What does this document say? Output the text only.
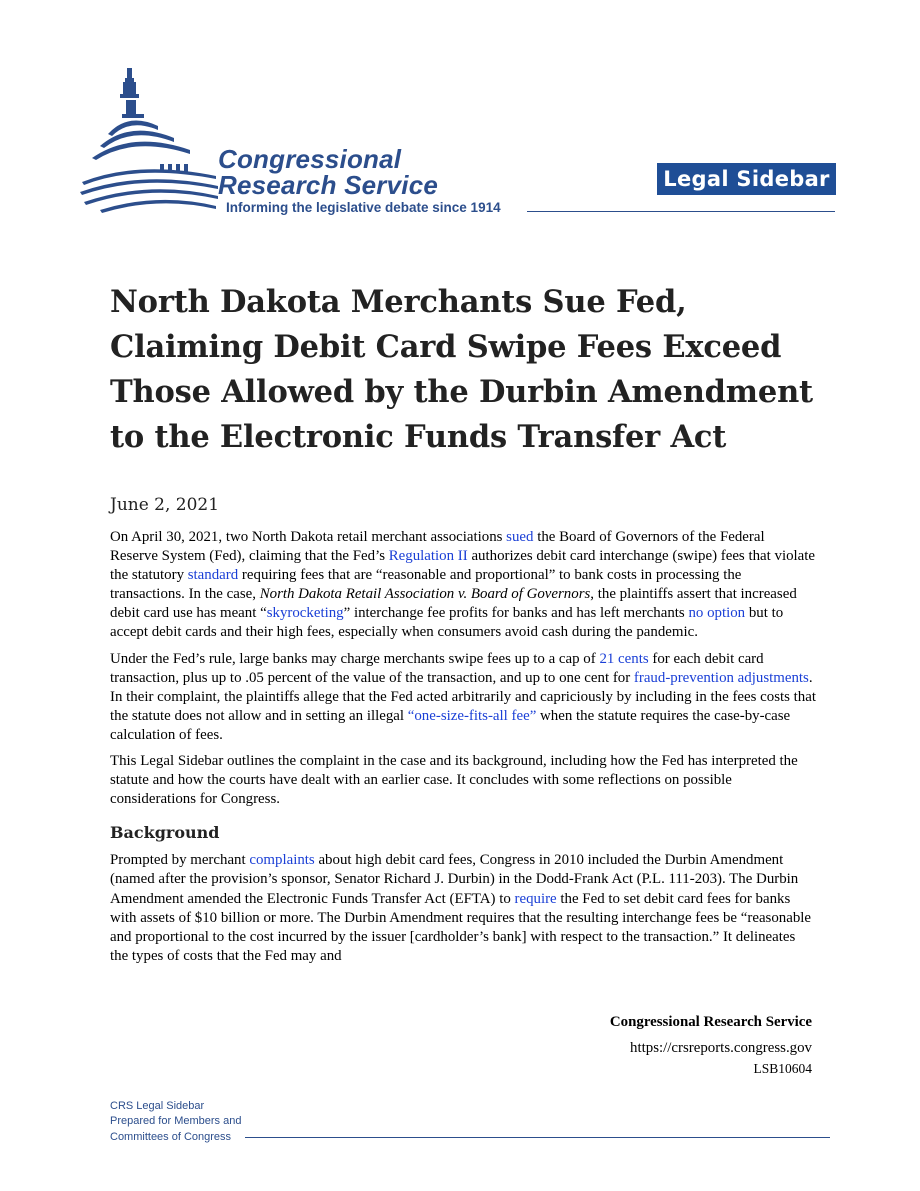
Congressional
Research Service
Informing the legislative debate since 1914
Legal Sidebar
North Dakota Merchants Sue Fed, Claiming Debit Card Swipe Fees Exceed Those Allowed by the Durbin Amendment to the Electronic Funds Transfer Act
June 2, 2021

On April 30, 2021, two North Dakota retail merchant associations sued the Board of Governors of the Federal Reserve System (Fed), claiming that the Fed’s Regulation II authorizes debit card interchange (swipe) fees that violate the statutory standard requiring fees that are “reasonable and proportional” to bank costs in processing the transactions. In the case, North Dakota Retail Association v. Board of Governors, the plaintiffs assert that increased debit card use has meant “skyrocketing” interchange fee profits for banks and has left merchants no option but to accept debit cards and their high fees, especially when consumers avoid cash during the pandemic.

Under the Fed’s rule, large banks may charge merchants swipe fees up to a cap of 21 cents for each debit card transaction, plus up to .05 percent of the value of the transaction, and up to one cent for fraud-prevention adjustments. In their complaint, the plaintiffs allege that the Fed acted arbitrarily and capriciously by including in the fees costs that the statute does not allow and in setting an illegal “one-size-fits-all fee” when the statute requires the case-by-case calculation of fees.

This Legal Sidebar outlines the complaint in the case and its background, including how the Fed has interpreted the statute and how the courts have dealt with an earlier case. It concludes with some reflections on possible considerations for Congress.

Background

Prompted by merchant complaints about high debit card fees, Congress in 2010 included the Durbin Amendment (named after the provision’s sponsor, Senator Richard J. Durbin) in the Dodd-Frank Act (P.L. 111-203). The Durbin Amendment amended the Electronic Funds Transfer Act (EFTA) to require the Fed to set debit card fees for banks with assets of $10 billion or more. The Durbin Amendment requires that the resulting interchange fees be “reasonable and proportional to the cost incurred by the issuer [cardholder’s bank] with respect to the transaction.” It delineates the types of costs that the Fed may and

Congressional Research Service
https://crsreports.congress.gov
LSB10604
CRS Legal Sidebar
Prepared for Members and
Committees of Congress
